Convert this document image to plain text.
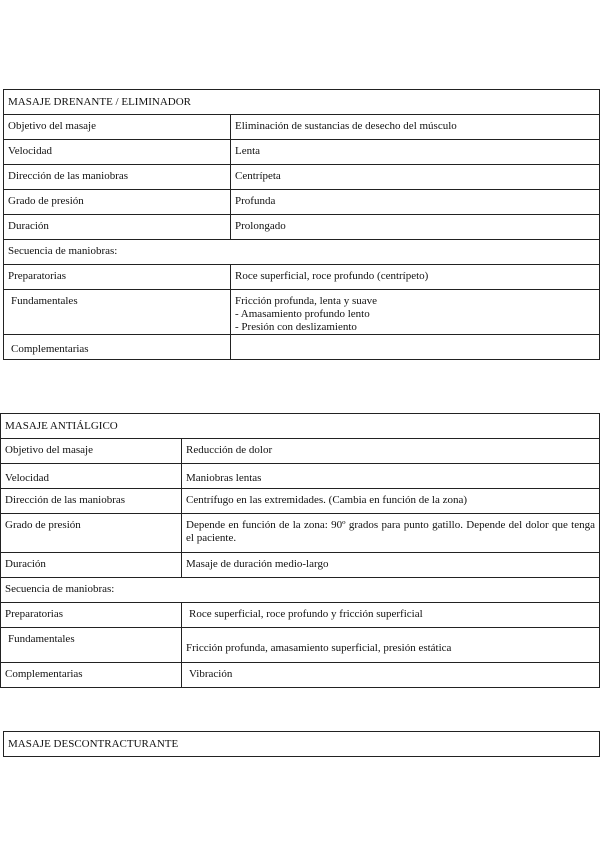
MASAJE DRENANTE / ELIMINADOR	
Objetivo del masaje	Eliminación de sustancias de desecho del músculo
Velocidad	Lenta
Dirección de las maniobras	Centrípeta
Grado de presión	Profunda
Duración	Prolongado
Secuencia de maniobras:	
Preparatorias	Roce superficial, roce profundo (centrípeto)
Fundamentales	Fricción profunda, lenta y suave
- Amasamiento profundo lento
- Presión con deslizamiento
Complementarias	
MASAJE ANTIÁLGICO	
Objetivo del masaje	Reducción de dolor
Velocidad	Maniobras lentas
Dirección de las maniobras	Centrífugo en las extremidades. (Cambia en función de la zona)
Grado de presión	Depende en función de la zona: 90º grados para punto gatillo. Depende del dolor que tenga el paciente.
Duración	Masaje de duración medio-largo
Secuencia de maniobras:	
Preparatorias	Roce superficial, roce profundo y fricción superficial
Fundamentales	Fricción profunda, amasamiento superficial, presión estática
Complementarias	Vibración
MASAJE DESCONTRACTURANTE
